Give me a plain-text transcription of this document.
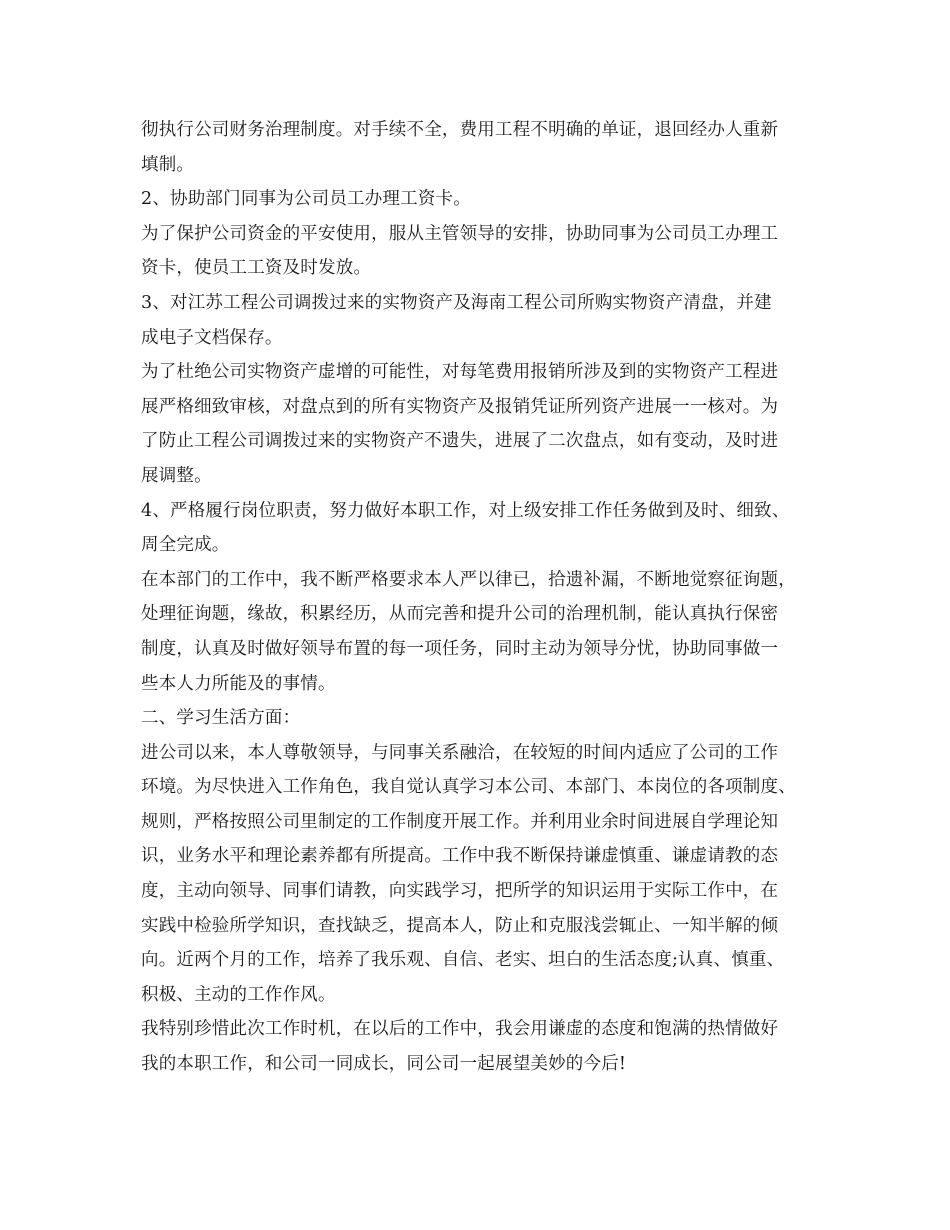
彻执行公司财务治理制度。对手续不全，费用工程不明确的单证，退回经办人重新
填制。
2、协助部门同事为公司员工办理工资卡。
为了保护公司资金的平安使用，服从主管领导的安排，协助同事为公司员工办理工
资卡，使员工工资及时发放。
3、对江苏工程公司调拨过来的实物资产及海南工程公司所购实物资产清盘，并建
成电子文档保存。
为了杜绝公司实物资产虚增的可能性，对每笔费用报销所涉及到的实物资产工程进
展严格细致审核，对盘点到的所有实物资产及报销凭证所列资产进展一一核对。为
了防止工程公司调拨过来的实物资产不遗失，进展了二次盘点，如有变动，及时进
展调整。
4、严格履行岗位职责，努力做好本职工作，对上级安排工作任务做到及时、细致、
周全完成。
在本部门的工作中，我不断严格要求本人严以律已，拾遗补漏，不断地觉察征询题，
处理征询题，缘故，积累经历，从而完善和提升公司的治理机制，能认真执行保密
制度，认真及时做好领导布置的每一项任务，同时主动为领导分忧，协助同事做一
些本人力所能及的事情。
二、学习生活方面：
进公司以来，本人尊敬领导，与同事关系融洽，在较短的时间内适应了公司的工作
环境。为尽快进入工作角色，我自觉认真学习本公司、本部门、本岗位的各项制度、
规则，严格按照公司里制定的工作制度开展工作。并利用业余时间进展自学理论知
识，业务水平和理论素养都有所提高。工作中我不断保持谦虚慎重、谦虚请教的态
度，主动向领导、同事们请教，向实践学习，把所学的知识运用于实际工作中，在
实践中检验所学知识，查找缺乏，提高本人，防止和克服浅尝辄止、一知半解的倾
向。近两个月的工作，培养了我乐观、自信、老实、坦白的生活态度;认真、慎重、
积极、主动的工作作风。
我特别珍惜此次工作时机，在以后的工作中，我会用谦虚的态度和饱满的热情做好
我的本职工作，和公司一同成长，同公司一起展望美妙的今后!
